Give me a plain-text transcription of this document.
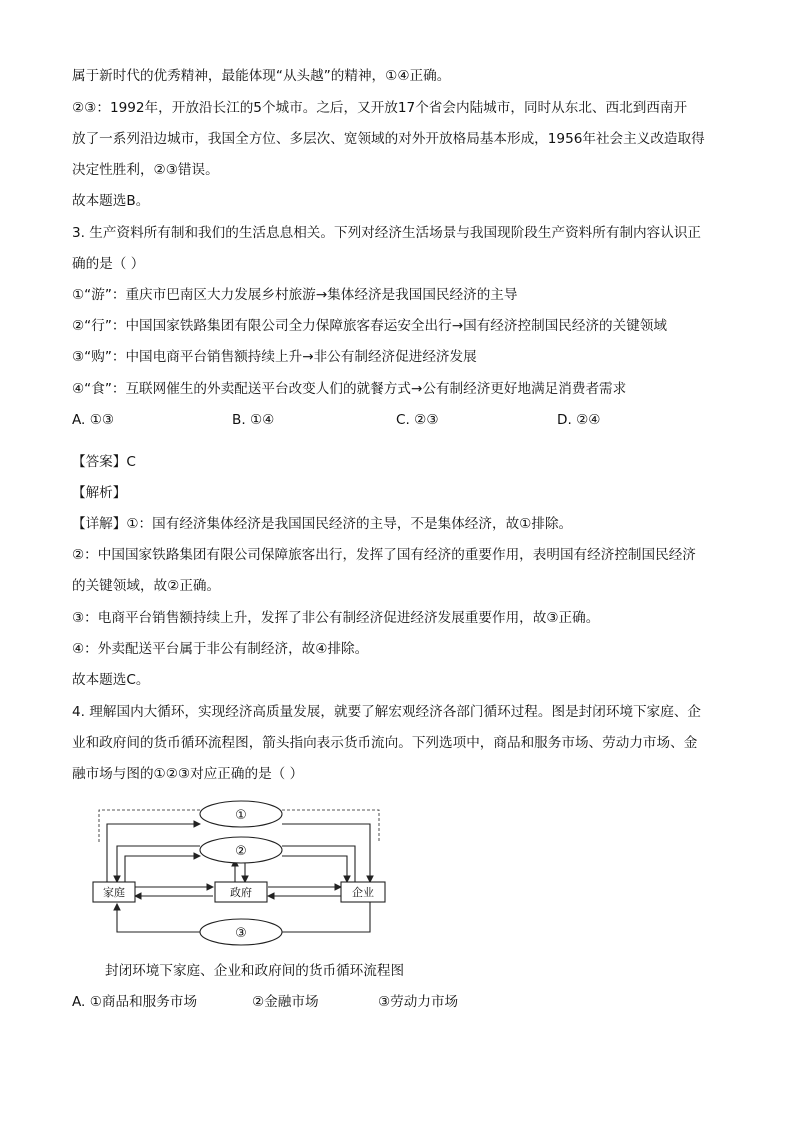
属于新时代的优秀精神，最能体现“从头越”的精神，①④正确。
②③：1992年，开放沿长江的5个城市。之后，又开放17个省会内陆城市，同时从东北、西北到西南开
放了一系列沿边城市，我国全方位、多层次、宽领域的对外开放格局基本形成，1956年社会主义改造取得
决定性胜利，②③错误。
故本题选B。
3. 生产资料所有制和我们的生活息息相关。下列对经济生活场景与我国现阶段生产资料所有制内容认识正
确的是（ ）
①“游”：重庆市巴南区大力发展乡村旅游→集体经济是我国国民经济的主导
②“行”：中国国家铁路集团有限公司全力保障旅客春运安全出行→国有经济控制国民经济的关键领域
③“购”：中国电商平台销售额持续上升→非公有制经济促进经济发展
④“食”：互联网催生的外卖配送平台改变人们的就餐方式→公有制经济更好地满足消费者需求
A. ①③	B. ①④	C. ②③	D. ②④
【答案】C
【解析】
【详解】①：国有经济集体经济是我国国民经济的主导，不是集体经济，故①排除。
②：中国国家铁路集团有限公司保障旅客出行，发挥了国有经济的重要作用，表明国有经济控制国民经济
的关键领域，故②正确。
③：电商平台销售额持续上升，发挥了非公有制经济促进经济发展重要作用，故③正确。
④：外卖配送平台属于非公有制经济，故④排除。
故本题选C。
4. 理解国内大循环，实现经济高质量发展，就要了解宏观经济各部门循环过程。图是封闭环境下家庭、企
业和政府间的货币循环流程图，箭头指向表示货币流向。下列选项中，商品和服务市场、劳动力市场、金
融市场与图的①②③对应正确的是（ ）
①
②
③
家庭	政府	企业
封闭环境下家庭、企业和政府间的货币循环流程图
A. ①商品和服务市场	②金融市场	③劳动力市场
